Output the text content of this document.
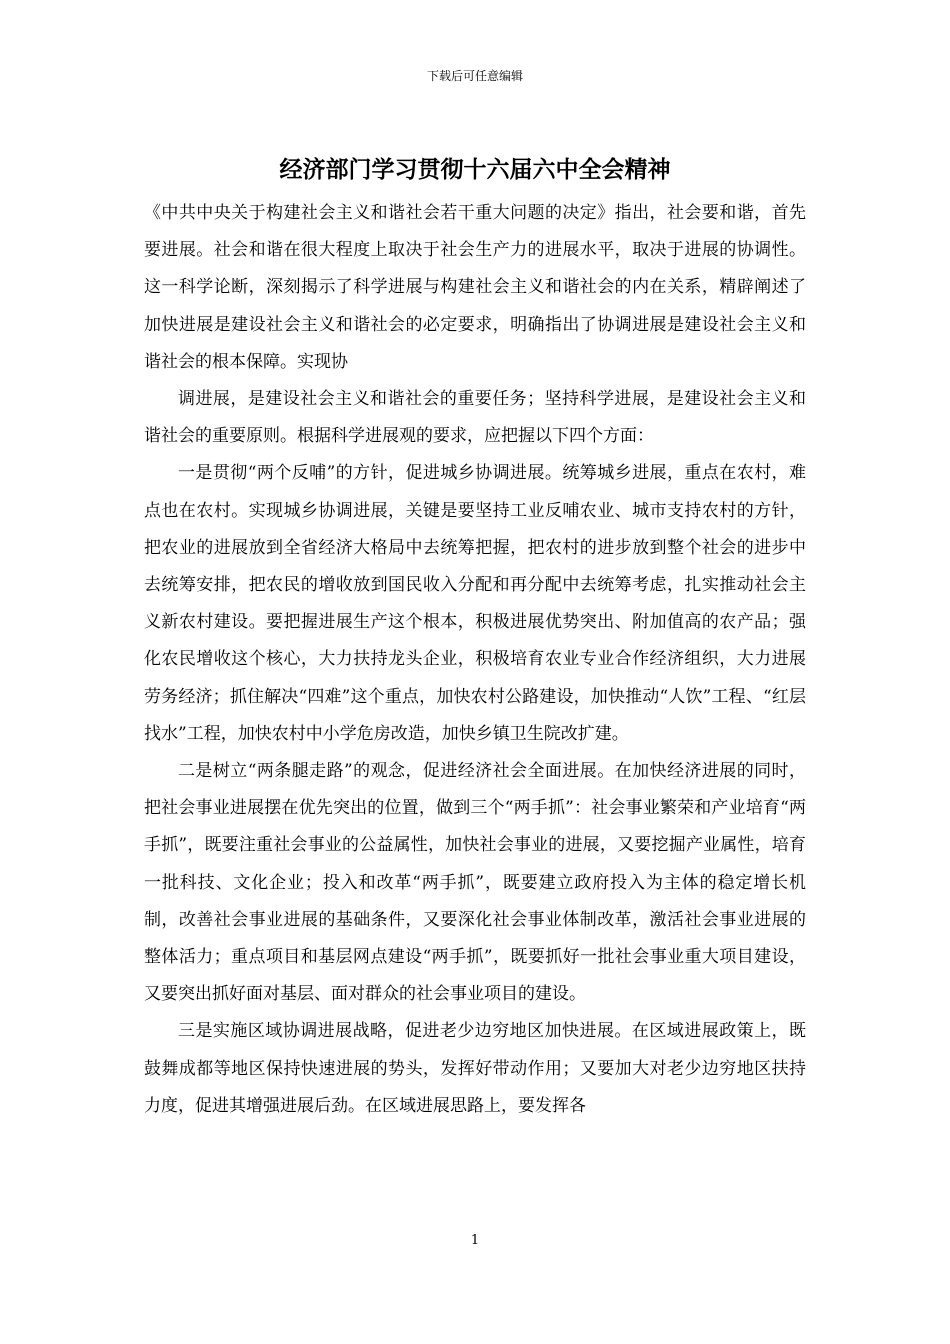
下载后可任意编辑
经济部门学习贯彻十六届六中全会精神

《中共中央关于构建社会主义和谐社会若干重大问题的决定》指出，社会要和谐，首先要进展。社会和谐在很大程度上取决于社会生产力的进展水平，取决于进展的协调性。这一科学论断，深刻揭示了科学进展与构建社会主义和谐社会的内在关系，精辟阐述了加快进展是建设社会主义和谐社会的必定要求，明确指出了协调进展是建设社会主义和谐社会的根本保障。实现协

调进展，是建设社会主义和谐社会的重要任务；坚持科学进展，是建设社会主义和谐社会的重要原则。根据科学进展观的要求，应把握以下四个方面：

一是贯彻“两个反哺”的方针，促进城乡协调进展。统筹城乡进展，重点在农村，难点也在农村。实现城乡协调进展，关键是要坚持工业反哺农业、城市支持农村的方针，把农业的进展放到全省经济大格局中去统筹把握，把农村的进步放到整个社会的进步中去统筹安排，把农民的增收放到国民收入分配和再分配中去统筹考虑，扎实推动社会主义新农村建设。要把握进展生产这个根本，积极进展优势突出、附加值高的农产品；强化农民增收这个核心，大力扶持龙头企业，积极培育农业专业合作经济组织，大力进展劳务经济；抓住解决“四难”这个重点，加快农村公路建设，加快推动“人饮”工程、“红层找水”工程，加快农村中小学危房改造，加快乡镇卫生院改扩建。

二是树立“两条腿走路”的观念，促进经济社会全面进展。在加快经济进展的同时，把社会事业进展摆在优先突出的位置，做到三个“两手抓”：社会事业繁荣和产业培育“两手抓”，既要注重社会事业的公益属性，加快社会事业的进展，又要挖掘产业属性，培育一批科技、文化企业；投入和改革“两手抓”，既要建立政府投入为主体的稳定增长机制，改善社会事业进展的基础条件，又要深化社会事业体制改革，激活社会事业进展的整体活力；重点项目和基层网点建设“两手抓”，既要抓好一批社会事业重大项目建设，又要突出抓好面对基层、面对群众的社会事业项目的建设。

三是实施区域协调进展战略，促进老少边穷地区加快进展。在区域进展政策上，既鼓舞成都等地区保持快速进展的势头，发挥好带动作用；又要加大对老少边穷地区扶持力度，促进其增强进展后劲。在区域进展思路上，要发挥各

1
